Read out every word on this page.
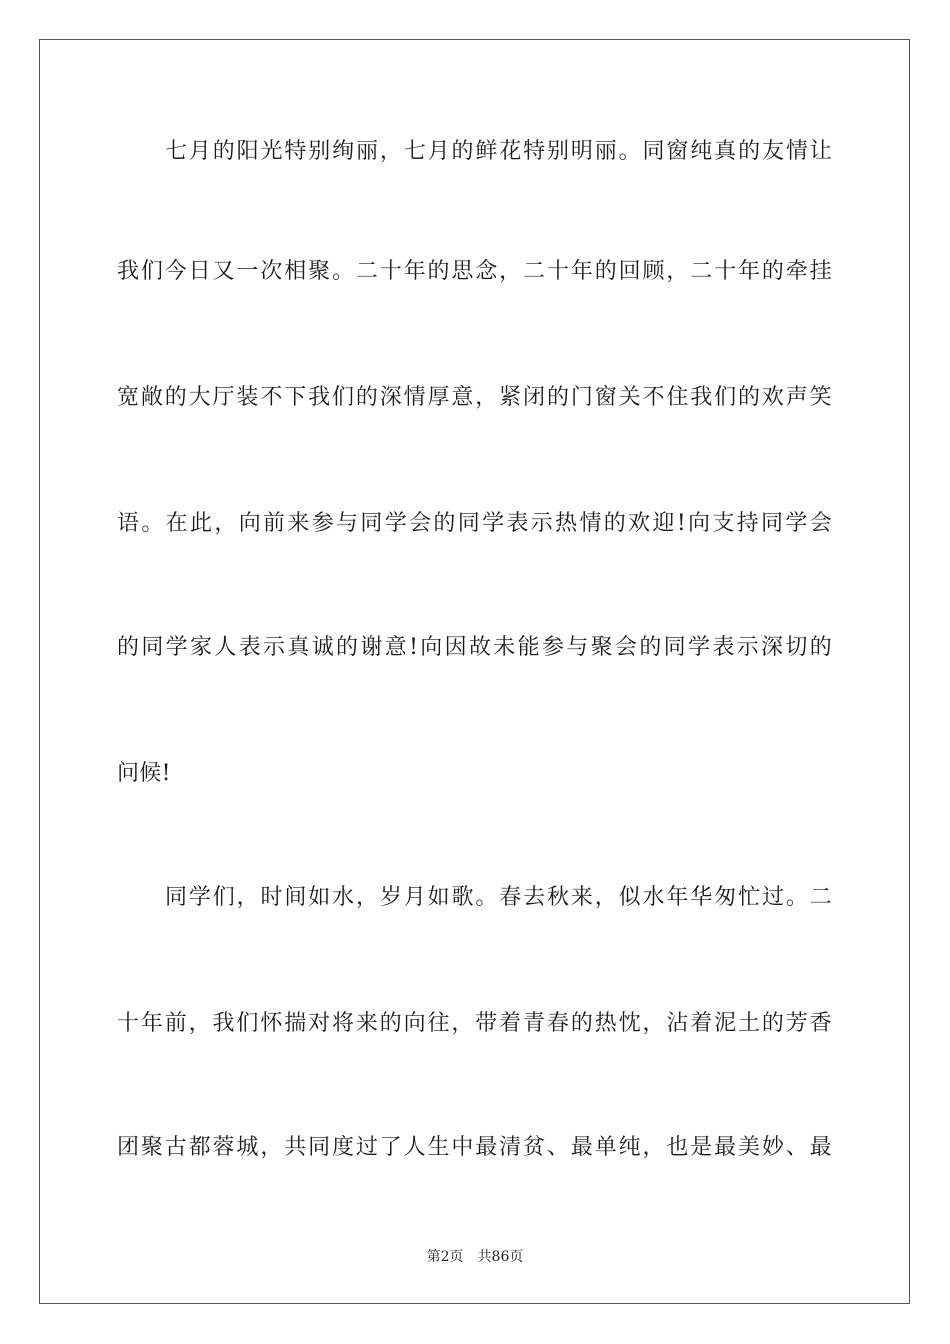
七月的阳光特别绚丽，七月的鲜花特别明丽。同窗纯真的友情让
我们今日又一次相聚。二十年的思念，二十年的回顾，二十年的牵挂
宽敞的大厅装不下我们的深情厚意，紧闭的门窗关不住我们的欢声笑
语。在此，向前来参与同学会的同学表示热情的欢迎!向支持同学会
的同学家人表示真诚的谢意!向因故未能参与聚会的同学表示深切的
问候!
同学们，时间如水，岁月如歌。春去秋来，似水年华匆忙过。二
十年前，我们怀揣对将来的向往，带着青春的热忱，沾着泥土的芳香
团聚古都蓉城，共同度过了人生中最清贫、最单纯，也是最美妙、最
第2页 共86页
